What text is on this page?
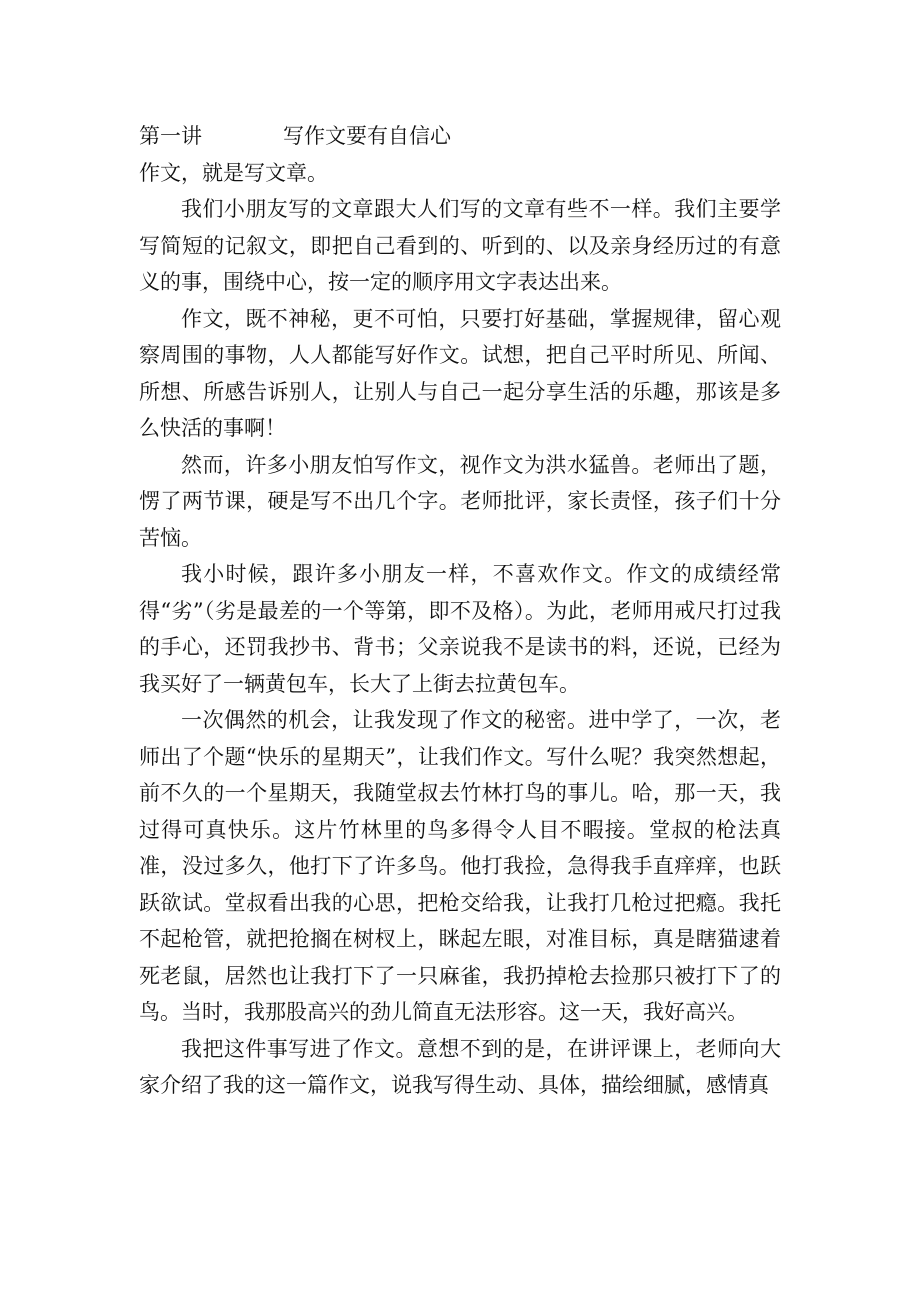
第一讲	写作文要有自信心

作文，就是写文章。

我们小朋友写的文章跟大人们写的文章有些不一样。我们主要学写简短的记叙文，即把自己看到的、听到的、以及亲身经历过的有意义的事，围绕中心，按一定的顺序用文字表达出来。

作文，既不神秘，更不可怕，只要打好基础，掌握规律，留心观察周围的事物，人人都能写好作文。试想，把自己平时所见、所闻、所想、所感告诉别人，让别人与自己一起分享生活的乐趣，那该是多么快活的事啊！

然而，许多小朋友怕写作文，视作文为洪水猛兽。老师出了题，愣了两节课，硬是写不出几个字。老师批评，家长责怪，孩子们十分苦恼。

我小时候，跟许多小朋友一样，不喜欢作文。作文的成绩经常得“劣”（劣是最差的一个等第，即不及格）。为此，老师用戒尺打过我的手心，还罚我抄书、背书；父亲说我不是读书的料，还说，已经为我买好了一辆黄包车，长大了上街去拉黄包车。

一次偶然的机会，让我发现了作文的秘密。进中学了，一次，老师出了个题“快乐的星期天”，让我们作文。写什么呢？我突然想起，前不久的一个星期天，我随堂叔去竹林打鸟的事儿。哈，那一天，我过得可真快乐。这片竹林里的鸟多得令人目不暇接。堂叔的枪法真准，没过多久，他打下了许多鸟。他打我捡，急得我手直痒痒，也跃跃欲试。堂叔看出我的心思，把枪交给我，让我打几枪过把瘾。我托不起枪管，就把抢搁在树杈上，眯起左眼，对准目标，真是瞎猫逮着死老鼠，居然也让我打下了一只麻雀，我扔掉枪去捡那只被打下了的鸟。当时，我那股高兴的劲儿简直无法形容。这一天，我好高兴。

我把这件事写进了作文。意想不到的是，在讲评课上，老师向大家介绍了我的这一篇作文，说我写得生动、具体，描绘细腻，感情真
